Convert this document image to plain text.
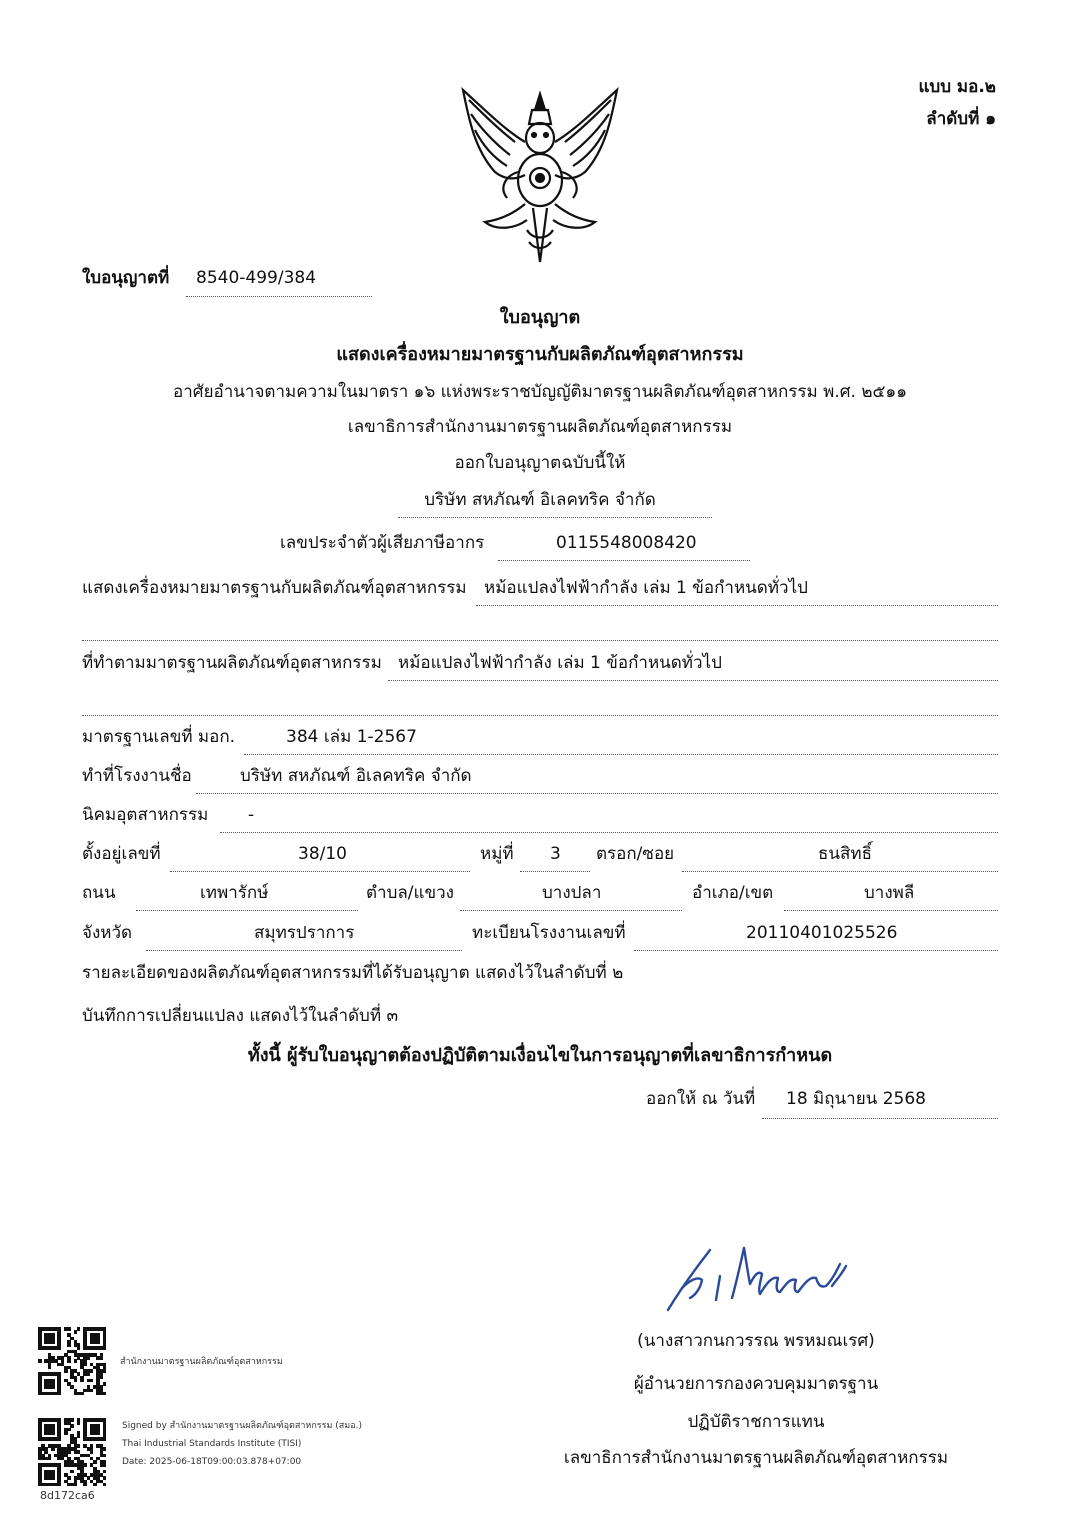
แบบ มอ.๒
ลำดับที่ ๑
ใบอนุญาตที่ 8540-499/384
ใบอนุญาต
แสดงเครื่องหมายมาตรฐานกับผลิตภัณฑ์อุตสาหกรรม
อาศัยอำนาจตามความในมาตรา ๑๖ แห่งพระราชบัญญัติมาตรฐานผลิตภัณฑ์อุตสาหกรรม พ.ศ. ๒๕๑๑
เลขาธิการสำนักงานมาตรฐานผลิตภัณฑ์อุตสาหกรรม
ออกใบอนุญาตฉบับนี้ให้
บริษัท สหภัณฑ์ อิเลคทริค จำกัด
เลขประจำตัวผู้เสียภาษีอากร	0115548008420
แสดงเครื่องหมายมาตรฐานกับผลิตภัณฑ์อุตสาหกรรม หม้อแปลงไฟฟ้ากำลัง เล่ม 1 ข้อกำหนดทั่วไป
ที่ทำตามมาตรฐานผลิตภัณฑ์อุตสาหกรรม หม้อแปลงไฟฟ้ากำลัง เล่ม 1 ข้อกำหนดทั่วไป
มาตรฐานเลขที่ มอก.	384 เล่ม 1-2567
ทำที่โรงงานชื่อ	บริษัท สหภัณฑ์ อิเลคทริค จำกัด
นิคมอุตสาหกรรม -
ตั้งอยู่เลขที่	38/10	หมู่ที่ 3 ตรอก/ซอย	ธนสิทธิ์
ถนน	เทพารักษ์	ตำบล/แขวง	บางปลา	อำเภอ/เขต	บางพลี
จังหวัด	สมุทรปราการ	ทะเบียนโรงงานเลขที่	20110401025526
รายละเอียดของผลิตภัณฑ์อุตสาหกรรมที่ได้รับอนุญาต แสดงไว้ในลำดับที่ ๒
บันทึกการเปลี่ยนแปลง แสดงไว้ในลำดับที่ ๓
ทั้งนี้ ผู้รับใบอนุญาตต้องปฏิบัติตามเงื่อนไขในการอนุญาตที่เลขาธิการกำหนด
ออกให้ ณ วันที่ 18 มิถุนายน 2568
(นางสาวกนกวรรณ พรหมณเรศ)
ผู้อำนวยการกองควบคุมมาตรฐาน
ปฏิบัติราชการแทน
เลขาธิการสำนักงานมาตรฐานผลิตภัณฑ์อุตสาหกรรม
สำนักงานมาตรฐานผลิตภัณฑ์อุตสาหกรรม
Signed by สำนักงานมาตรฐานผลิตภัณฑ์อุตสาหกรรม (สมอ.)
Thai Industrial Standards Institute (TISI)
Date: 2025-06-18T09:00:03.878+07:00
8d172ca6
